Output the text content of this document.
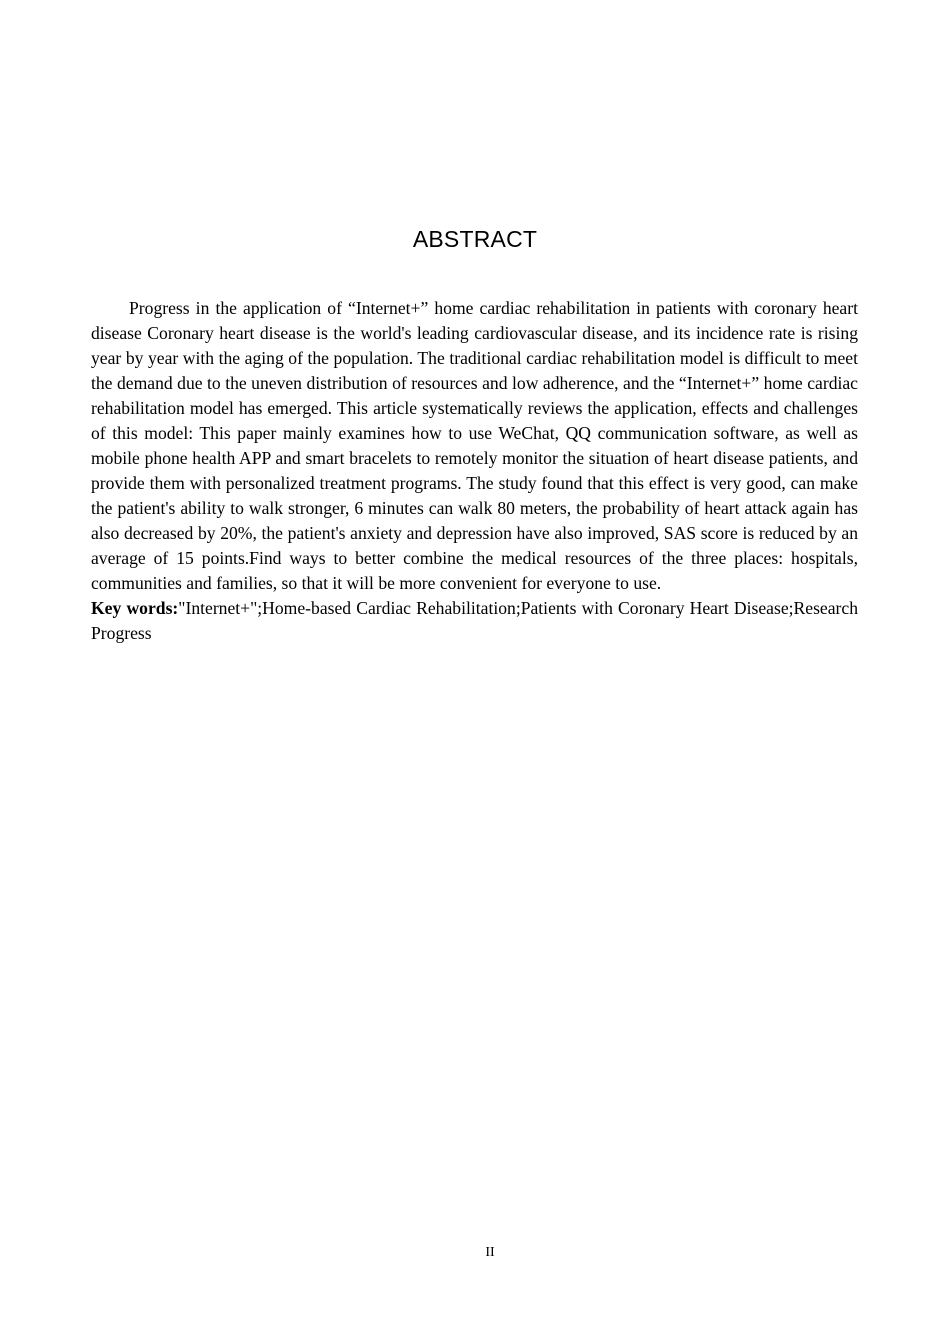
ABSTRACT

Progress in the application of “Internet+” home cardiac rehabilitation in patients with coronary heart disease Coronary heart disease is the world's leading cardiovascular disease, and its incidence rate is rising year by year with the aging of the population. The traditional cardiac rehabilitation model is difficult to meet the demand due to the uneven distribution of resources and low adherence, and the “Internet+” home cardiac rehabilitation model has emerged. This article systematically reviews the application, effects and challenges of this model: This paper mainly examines how to use WeChat, QQ communication software, as well as mobile phone health APP and smart bracelets to remotely monitor the situation of heart disease patients, and provide them with personalized treatment programs. The study found that this effect is very good, can make the patient's ability to walk stronger, 6 minutes can walk 80 meters, the probability of heart attack again has also decreased by 20%, the patient's anxiety and depression have also improved, SAS score is reduced by an average of 15 points.Find ways to better combine the medical resources of the three places: hospitals, communities and families, so that it will be more convenient for everyone to use.

Key words:"Internet+";Home-based Cardiac Rehabilitation;Patients with Coronary Heart Disease;Research Progress

II
